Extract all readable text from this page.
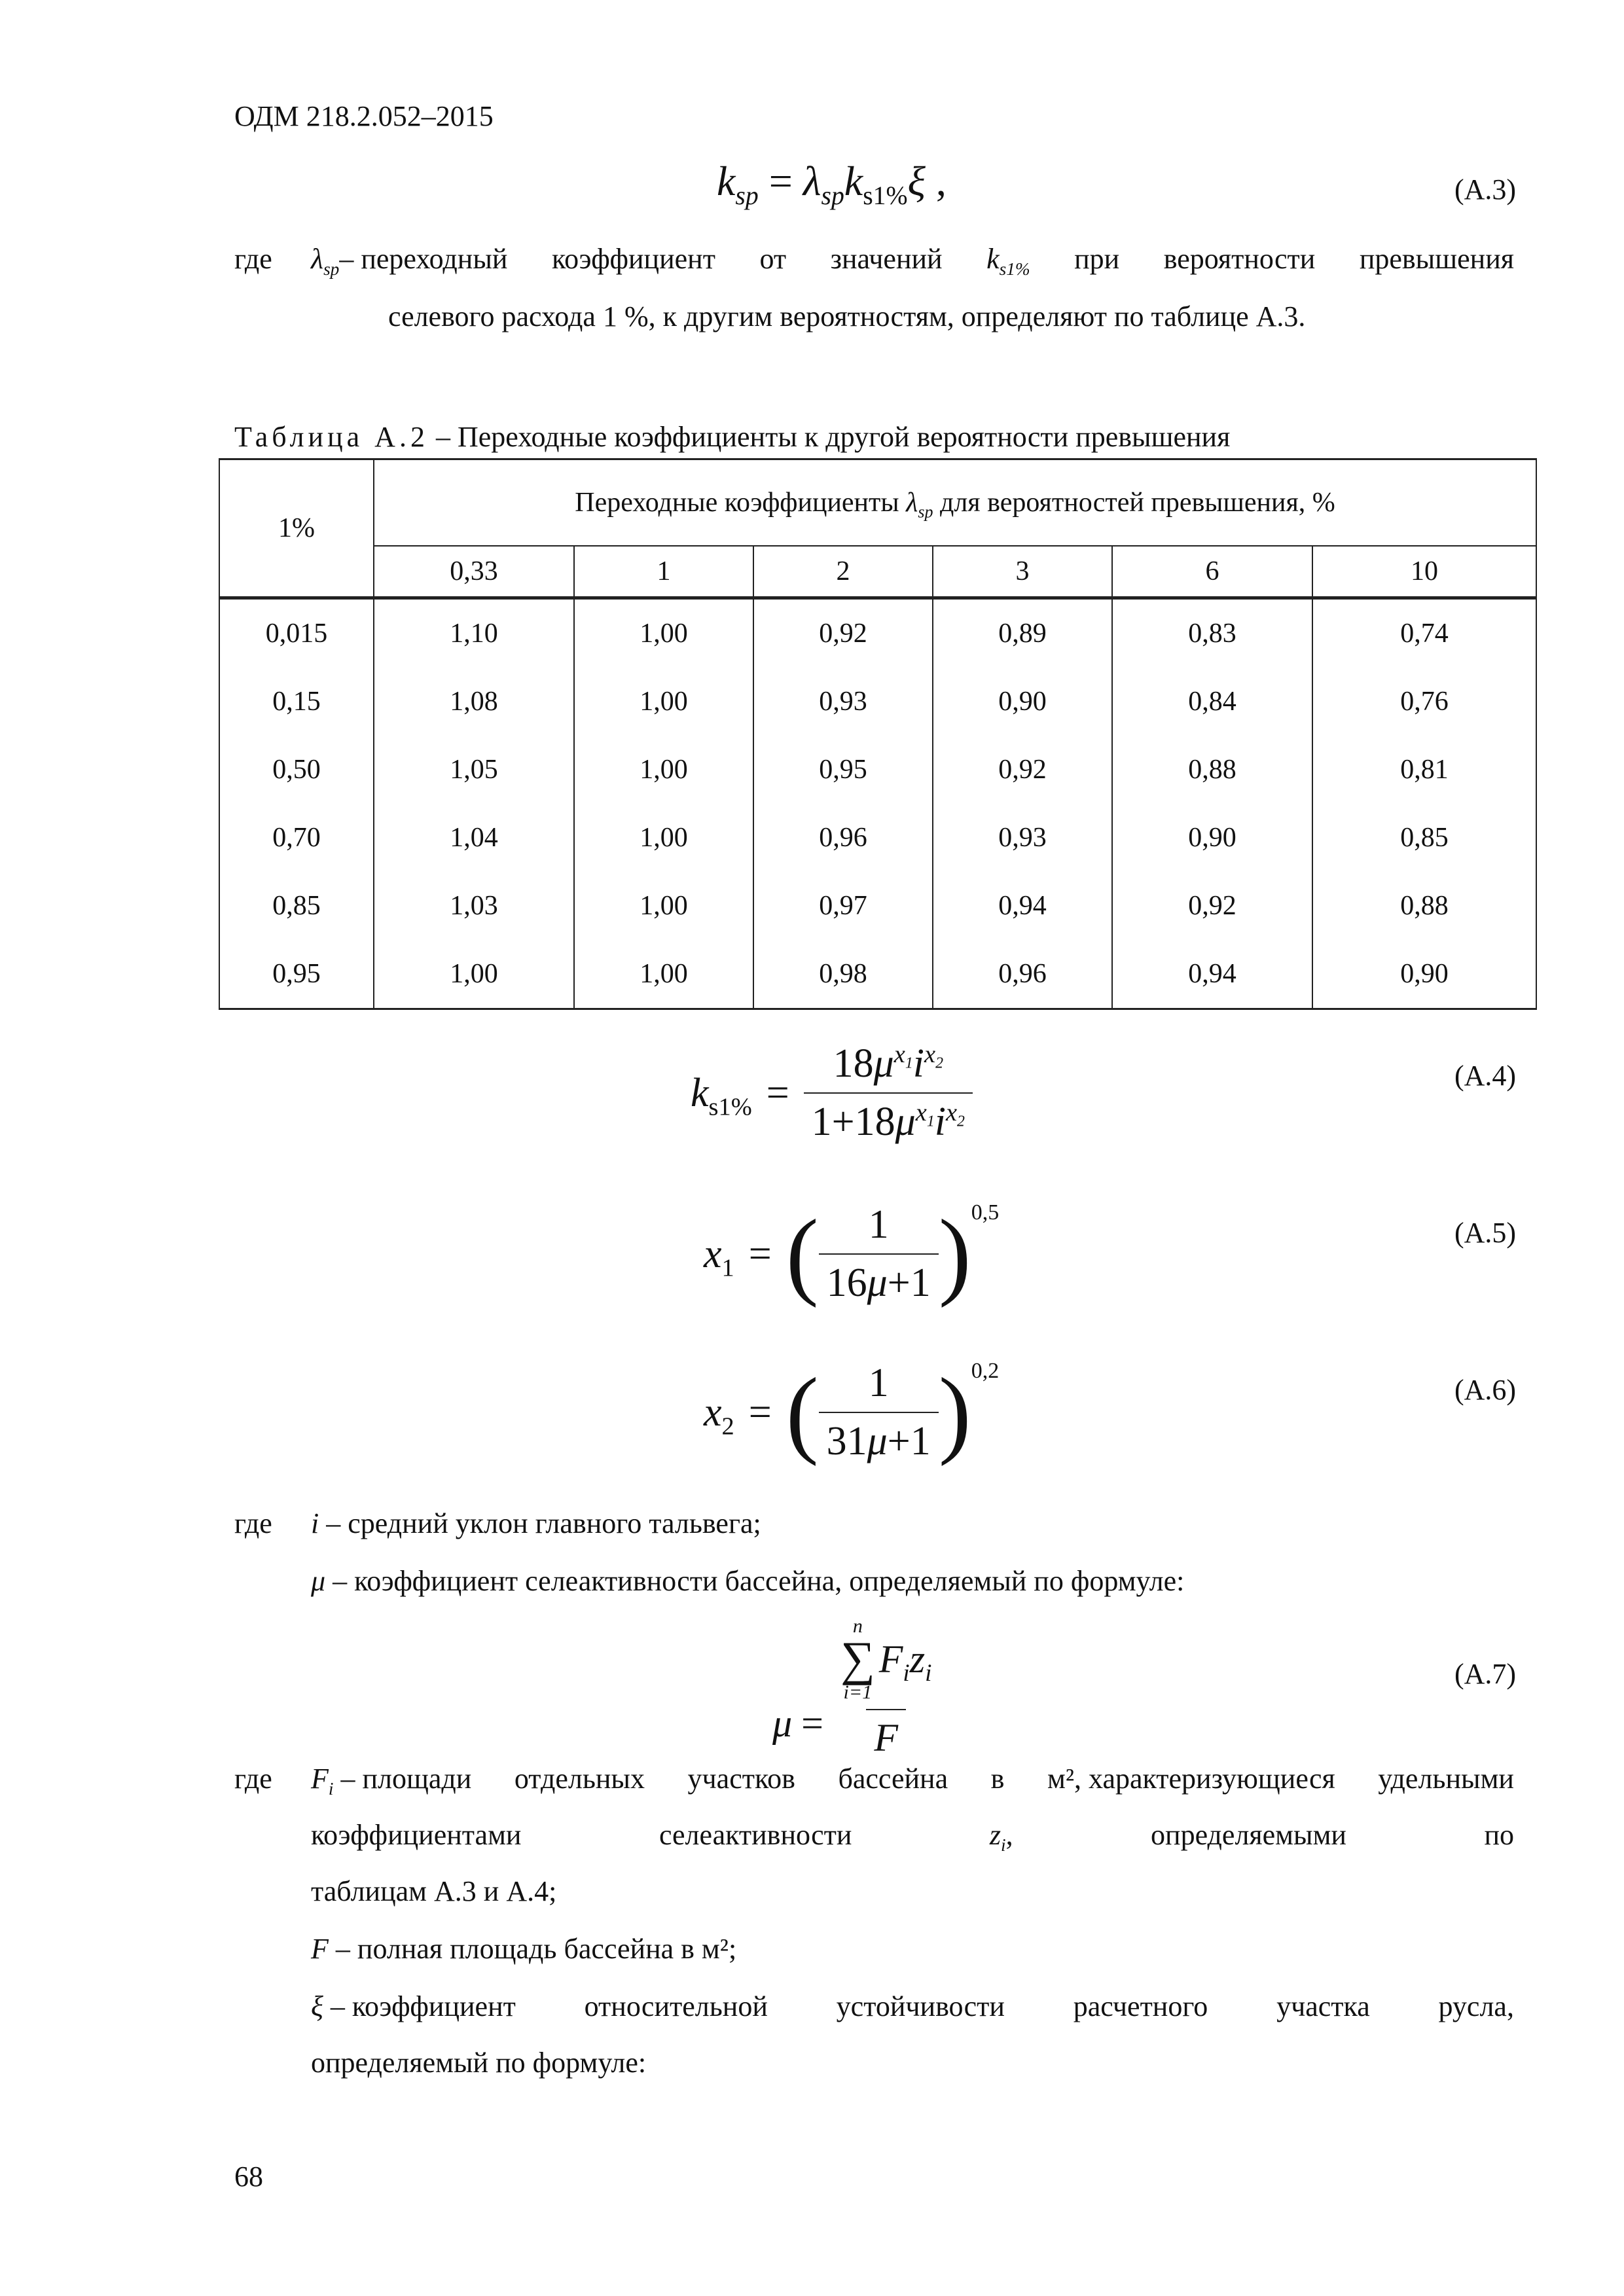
ОДМ 218.2.052–2015
$k_{sp} = \lambda_{sp}k_{s1\%}\xi$ ,	(А.3)
где $\lambda_{sp}-$ переходный коэффициент от значений $k_{s1\%}$ при вероятности превышения
селевого расхода 1 %, к другим вероятностям, определяют по таблице А.3.
Таблица А.2 – Переходные коэффициенты к другой вероятности превышения
1%	Переходные коэффициенты $\lambda_{sp}$ для вероятностей превышения, %					
	0,33	1	2	3	6	10

0,015	1,10	1,00	0,92	0,89	0,83	0,74
0,15	1,08	1,00	0,93	0,90	0,84	0,76
0,50	1,05	1,00	0,95	0,92	0,88	0,81
0,70	1,04	1,00	0,96	0,93	0,90	0,85
0,85	1,03	1,00	0,97	0,94	0,92	0,88
0,95	1,00	1,00	0,98	0,96	0,94	0,90
$k_{s1\%} = \frac{18\mu^{x_1}i^{x_2}}{1+18\mu^{x_1}i^{x_2}}$	(А.4)
$x_1$ = ( $\frac{1}{16\mu+1}$ ) 0,5
(А.5)
$x_2$ = ( $\frac{1}{31\mu+1}$ ) 0,2
(А.6)
где i – средний уклон главного тальвега;
μ – коэффициент селеактивности бассейна, определяемый по формуле:
μ = n
∑
i=1
$F_iz_i$
F	(А.7)
где $F_i$ – площади отдельных участков бассейна в м², характеризующиеся удельными
коэффициентами	селеактивности	$z_i$,	определяемыми	по
таблицам А.3 и А.4;
F – полная площадь бассейна в м²;
ξ – коэффициент относительной устойчивости расчетного участка русла,
определяемый по формуле:
68
